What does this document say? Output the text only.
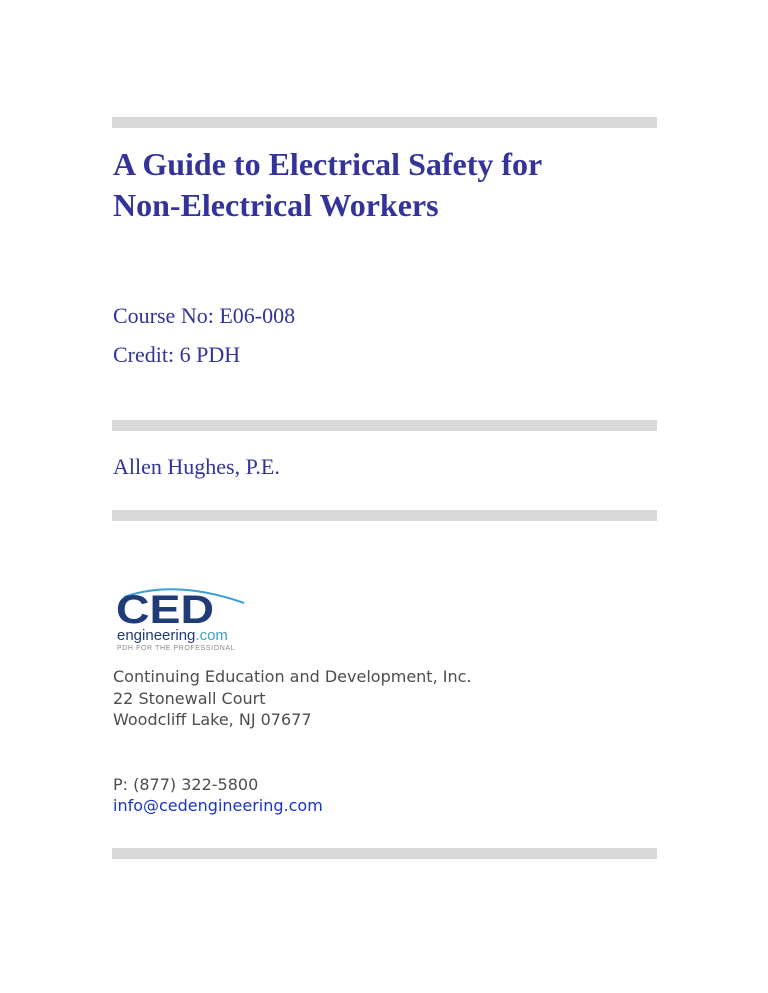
A Guide to Electrical Safety for
Non-Electrical Workers
Course No: E06-008
Credit: 6 PDH
Allen Hughes, P.E.
CED
engineering.com
PDH FOR THE PROFESSIONAL
Continuing Education and Development, Inc.
22 Stonewall Court
Woodcliff Lake, NJ 07677
P: (877) 322-5800
info@cedengineering.com
